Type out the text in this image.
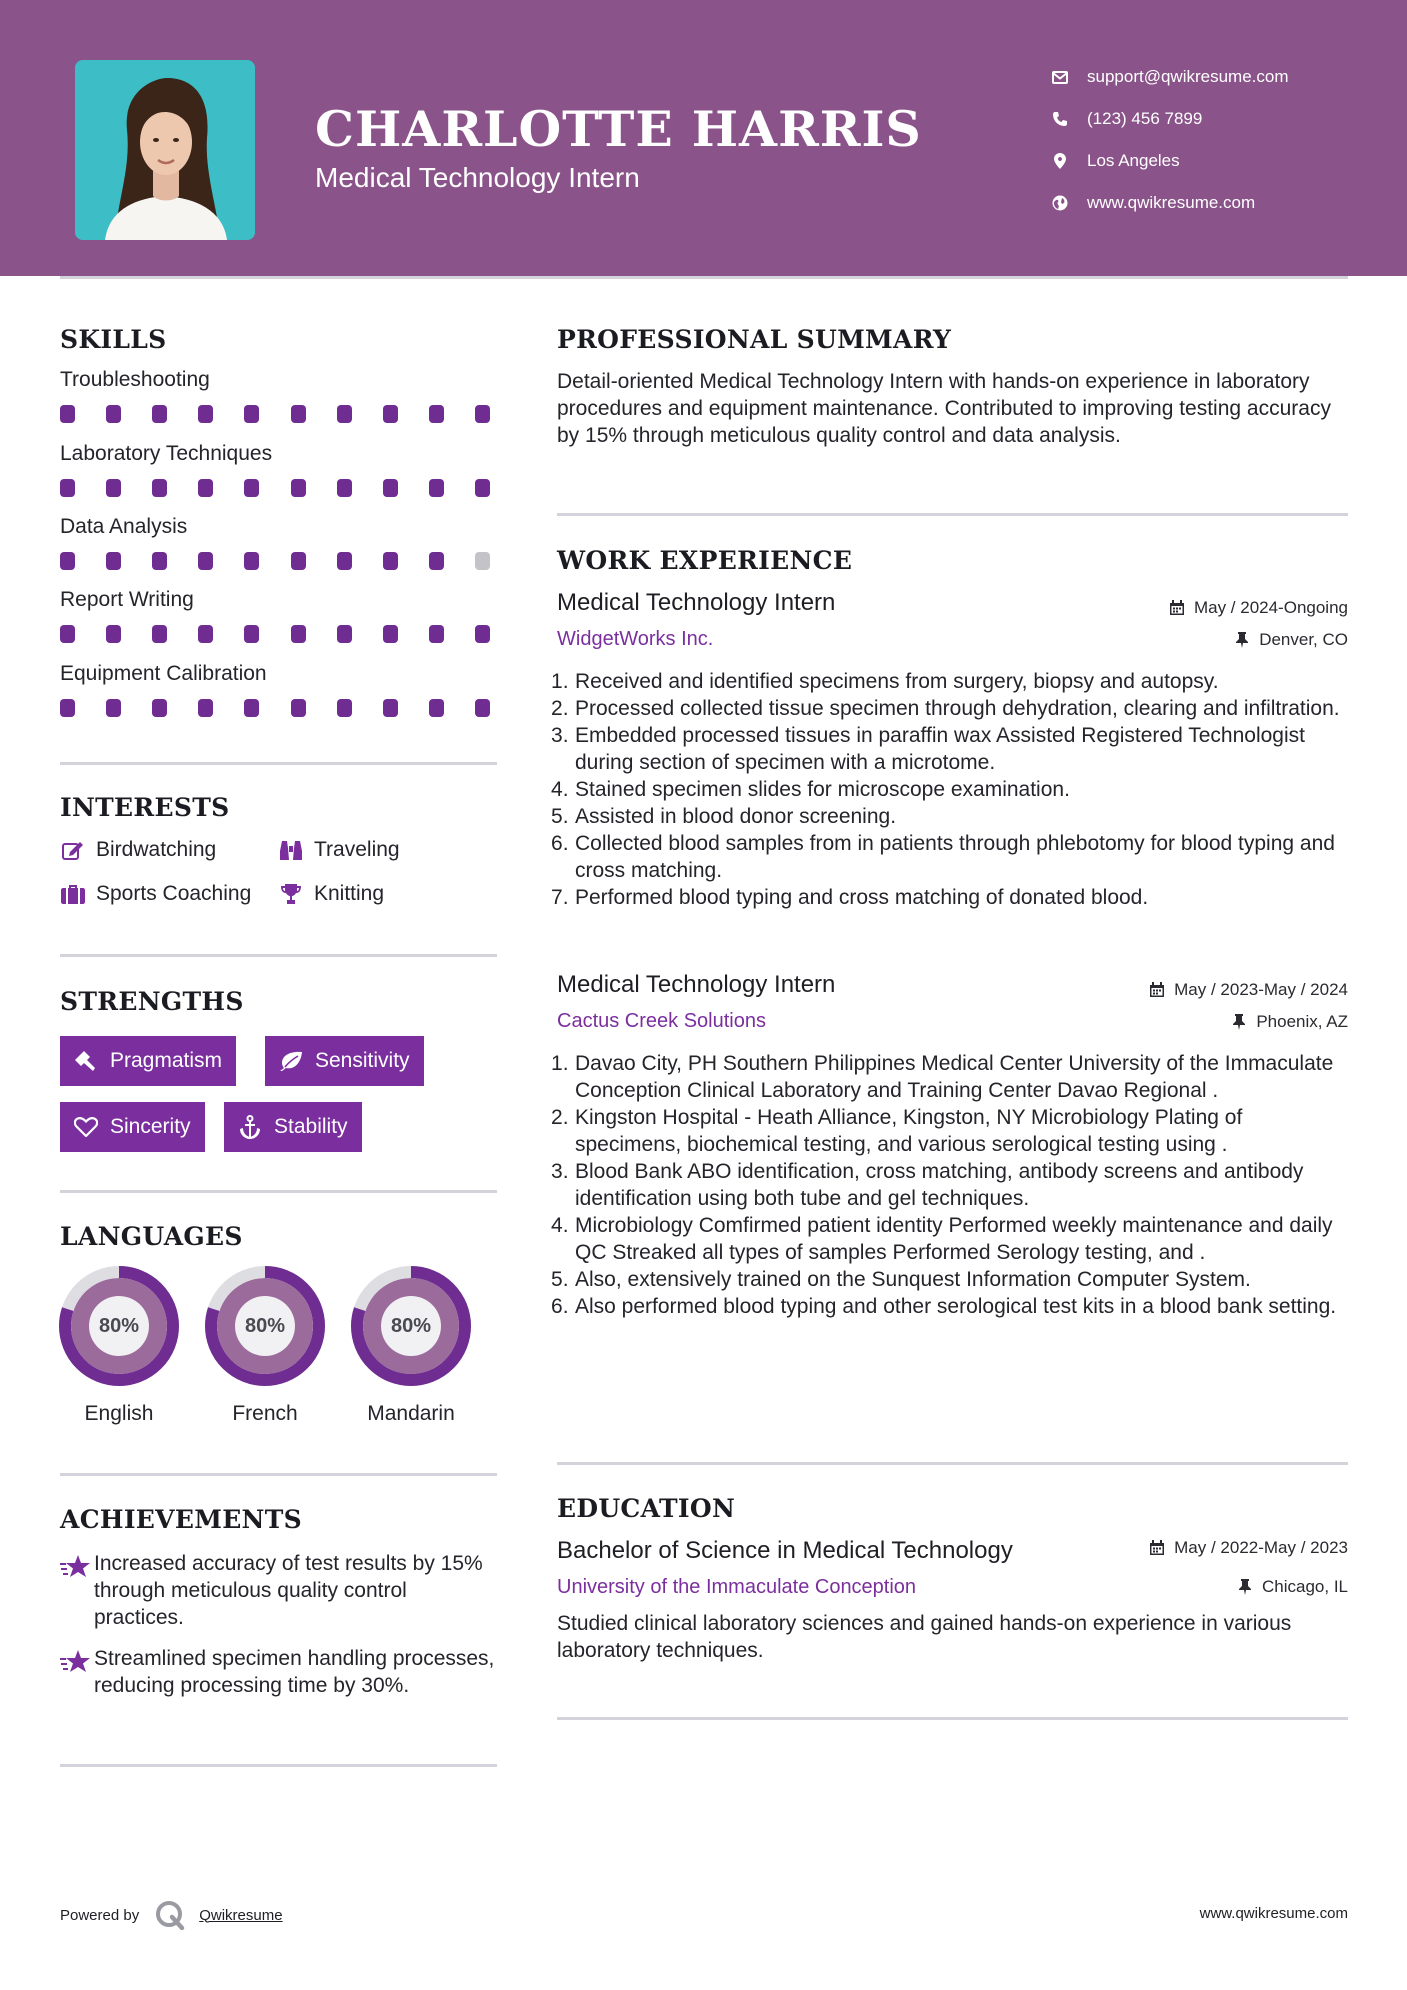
CHARLOTTE HARRIS
Medical Technology Intern
support@qwikresume.com
(123) 456 7899
Los Angeles
www.qwikresume.com
SKILLS
Troubleshooting
Laboratory Techniques
Data Analysis
Report Writing
Equipment Calibration
INTERESTS
Birdwatching	Traveling
Sports Coaching	Knitting
STRENGTHS
Pragmatism	Sensitivity
Sincerity	Stability
LANGUAGES
80%
English
80%
French
80%
Mandarin
ACHIEVEMENTS
Increased accuracy of test results by 15% through meticulous quality control practices.
Streamlined specimen handling processes, reducing processing time by 30%.
PROFESSIONAL SUMMARY
Detail-oriented Medical Technology Intern with hands-on experience in laboratory procedures and equipment maintenance. Contributed to improving testing accuracy by 15% through meticulous quality control and data analysis.
WORK EXPERIENCE
Medical Technology Intern	May / 2024-Ongoing
WidgetWorks Inc.	Denver, CO
Received and identified specimens from surgery, biopsy and autopsy.
Processed collected tissue specimen through dehydration, clearing and infiltration.
Embedded processed tissues in paraffin wax Assisted Registered Technologist during section of specimen with a microtome.
Stained specimen slides for microscope examination.
Assisted in blood donor screening.
Collected blood samples from in patients through phlebotomy for blood typing and cross matching.
Performed blood typing and cross matching of donated blood.
Medical Technology Intern	May / 2023-May / 2024
Cactus Creek Solutions	Phoenix, AZ
Davao City, PH Southern Philippines Medical Center University of the Immaculate Conception Clinical Laboratory and Training Center Davao Regional .
Kingston Hospital - Heath Alliance, Kingston, NY Microbiology Plating of specimens, biochemical testing, and various serological testing using .
Blood Bank ABO identification, cross matching, antibody screens and antibody identification using both tube and gel techniques.
Microbiology Comfirmed patient identity Performed weekly maintenance and daily QC Streaked all types of samples Performed Serology testing, and .
Also, extensively trained on the Sunquest Information Computer System.
Also performed blood typing and other serological test kits in a blood bank setting.
EDUCATION
Bachelor of Science in Medical Technology	May / 2022-May / 2023
University of the Immaculate Conception	Chicago, IL
Studied clinical laboratory sciences and gained hands-on experience in various laboratory techniques.
Powered by	Qwikresume	www.qwikresume.com
